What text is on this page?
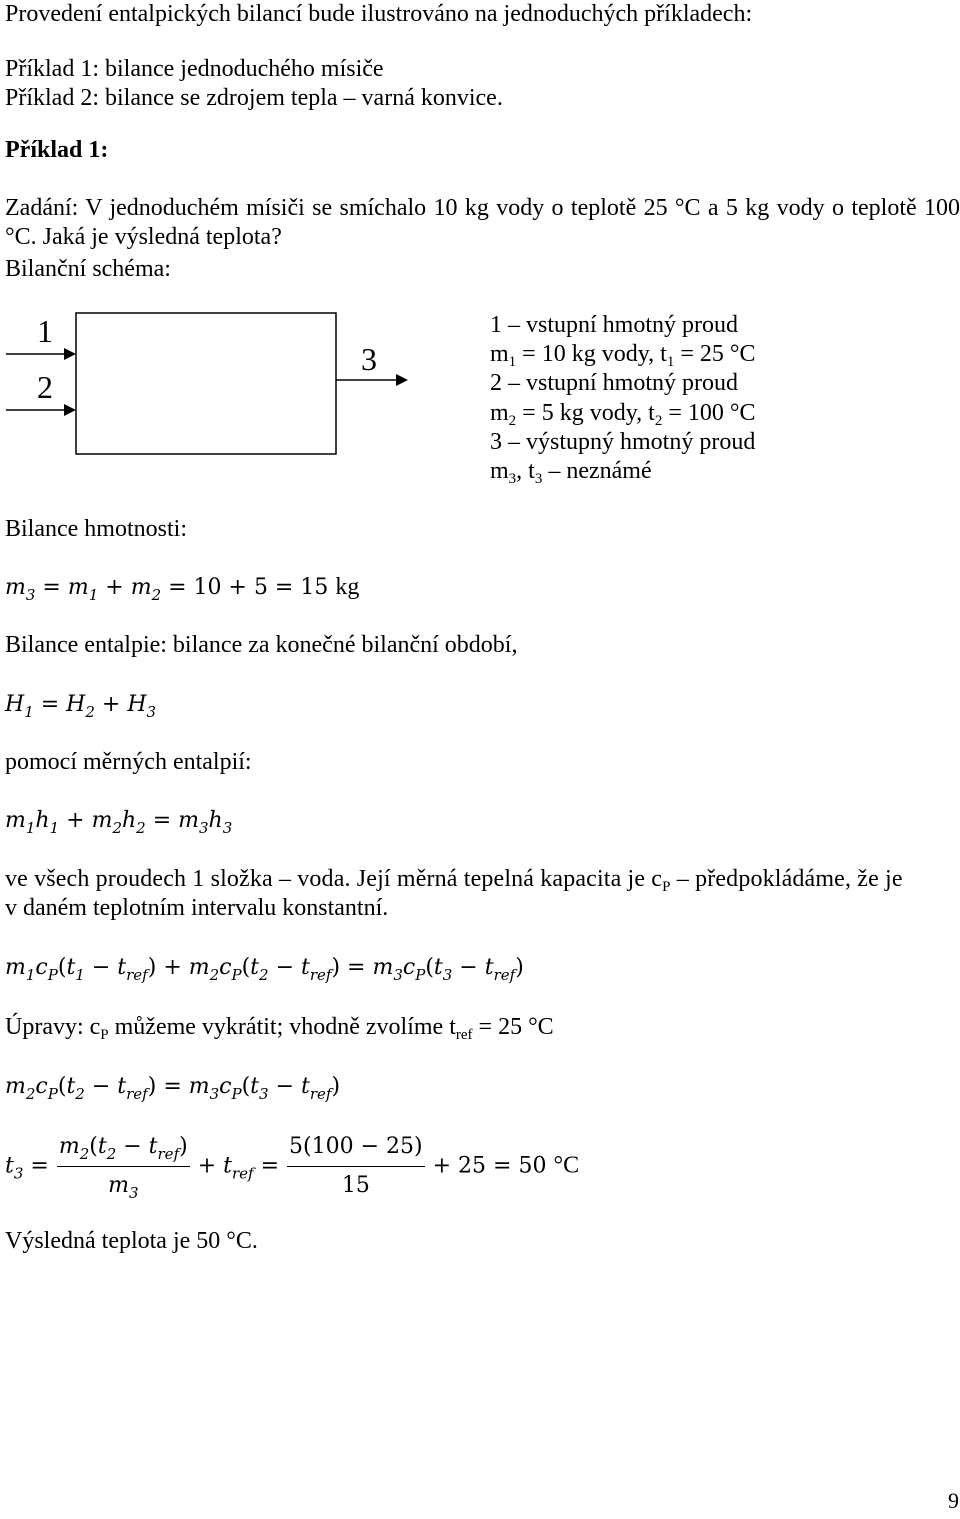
Provedení entalpických bilancí bude ilustrováno na jednoduchých příkladech:

Příklad 1: bilance jednoduchého mísiče

Příklad 2: bilance se zdrojem tepla – varná konvice.

Příklad 1:

Zadání: V jednoduchém mísiči se smíchalo 10 kg vody o teplotě 25 °C a 5 kg vody o teplotě 100 °C. Jaká je výsledná teplota?

Bilanční schéma:

1
2
3
1 – vstupní hmotný proud
$m_1 = 10$ kg vody, $t_1 = 25$ °C
2 – vstupní hmotný proud
$m_2 = 5$ kg vody, $t_2 = 100$ °C
3 – výstupný hmotný proud
$m_3$, $t_3$ – neznámé

Bilance hmotnosti:

$m_3 = m_1 + m_2 = 10 + 5 = 15$ kg

Bilance entalpie: bilance za konečné bilanční období,

$H_1 = H_2 + H_3$

pomocí měrných entalpií:

$m_1h_1 + m_2h_2 = m_3h_3$

ve všech proudech 1 složka – voda. Její měrná tepelná kapacita je $c_P$ – předpokládáme, že je

v daném teplotním intervalu konstantní.

$m_1c_P(t_1 - t_{ref}) + m_2c_P(t_2 - t_{ref}) = m_3c_P(t_3 - t_{ref})$

Úpravy: $c_P$ můžeme vykrátit; vhodně zvolíme $t_{ref} = 25$ °C

$m_2c_P(t_2 - t_{ref}) = m_3c_P(t_3 - t_{ref})$

$t_3 = \frac{m_2(t_2 - t_{ref})}{m_3} + t_{ref} = \frac{5(100 - 25)}{15} + 25 = 50$ °C

Výsledná teplota je 50 °C.

9
